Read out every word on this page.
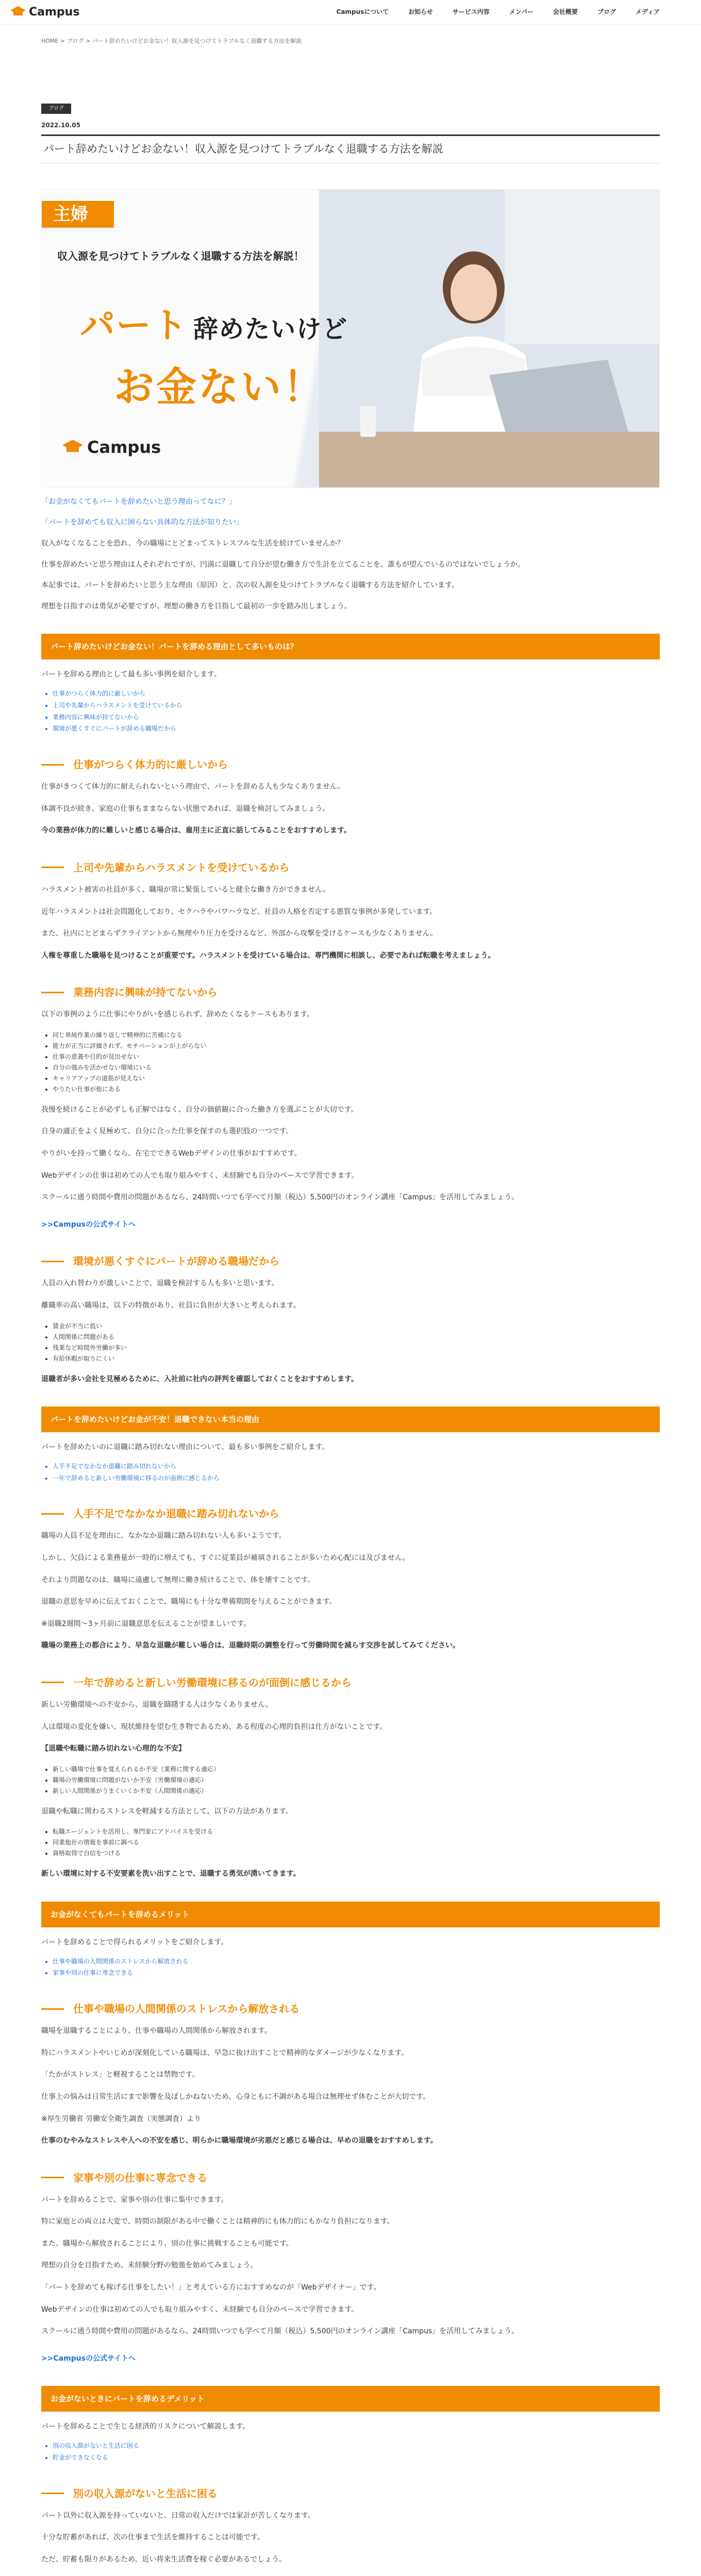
Campus	Campusについて	お知らせ	サービス内容	メンバー	会社概要	ブログ	メディア
HOME > ブログ > パート辞めたいけどお金ない！収入源を見つけてトラブルなく退職する方法を解説
ブログ
2022.10.05
パート辞めたいけどお金ない！収入源を見つけてトラブルなく退職する方法を解説
主婦
収入源を見つけてトラブルなく退職する方法を解説！
パート 辞めたいけど
お金ない！
Campus

「お金がなくてもパートを辞めたいと思う理由ってなに？」

「パートを辞めても収入に困らない具体的な方法が知りたい」

収入がなくなることを恐れ、今の職場にとどまってストレスフルな生活を続けていませんか？

仕事を辞めたいと思う理由は人それぞれですが、円満に退職して自分が望む働き方で生計を立てることを、誰もが望んでいるのではないでしょうか。

本記事では、パートを辞めたいと思う主な理由（原因）と、次の収入源を見つけてトラブルなく退職する方法を紹介しています。

理想を目指すのは勇気が必要ですが、理想の働き方を目指して最初の一歩を踏み出しましょう。

パート辞めたいけどお金ない！パートを辞める理由として多いものは？

パートを辞める理由として最も多い事例を紹介します。

• 仕事がつらく体力的に厳しいから
• 上司や先輩からハラスメントを受けているから
• 業務内容に興味が持てないから
• 環境が悪くすぐにパートが辞める職場だから
仕事がつらく体力的に厳しいから

仕事がきつくて体力的に耐えられないという理由で、パートを辞める人も少なくありません。

体調不良が続き、家庭の仕事もままならない状態であれば、退職を検討してみましょう。

今の業務が体力的に難しいと感じる場合は、雇用主に正直に話してみることをおすすめします。

上司や先輩からハラスメントを受けているから

ハラスメント被害の社員が多く、職場が常に緊張していると健全な働き方ができません。

近年ハラスメントは社会問題化しており、セクハラやパワハラなど、社員の人格を否定する悪質な事例が多発しています。

また、社内にとどまらずクライアントから無理やり圧力を受けるなど、外部から攻撃を受けるケースも少なくありません。

人権を尊重した職場を見つけることが重要です。ハラスメントを受けている場合は、専門機関に相談し、必要であれば転職を考えましょう。

業務内容に興味が持てないから

以下の事例のように仕事にやりがいを感じられず、辞めたくなるケースもあります。

• 同じ単純作業の繰り返しで精神的に苦痛になる
• 能力が正当に評価されず、モチベーションが上がらない
• 仕事の意義や目的が見出せない
• 自分の強みを活かせない環境にいる
• キャリアアップの道筋が見えない
• やりたい仕事が他にある

我慢を続けることが必ずしも正解ではなく、自分の価値観に合った働き方を選ぶことが大切です。

自身の適正をよく見極めて、自分に合った仕事を探すのも選択肢の一つです。

やりがいを持って働くなら、在宅でできるWebデザインの仕事がおすすめです。

Webデザインの仕事は初めての人でも取り組みやすく、未経験でも自分のペースで学習できます。

スクールに通う時間や費用の問題があるなら、24時間いつでも学べて月額（税込）5,500円のオンライン講座「Campus」を活用してみましょう。

>>Campusの公式サイトへ

環境が悪くすぐにパートが辞める職場だから

人員の入れ替わりが激しいことで、退職を検討する人も多いと思います。

離職率の高い職場は、以下の特徴があり、社員に負担が大きいと考えられます。

• 賃金が不当に低い
• 人間関係に問題がある
• 残業など時間外労働が多い
• 有給休暇が取りにくい

退職者が多い会社を見極めるために、入社前に社内の評判を確認しておくことをおすすめします。

パートを辞めたいけどお金が不安！退職できない本当の理由

パートを辞めたいのに退職に踏み切れない理由について、最も多い事例をご紹介します。

• 人手不足でなかなか退職に踏み切れないから
• 一年で辞めると新しい労働環境に移るのが面倒に感じるから
人手不足でなかなか退職に踏み切れないから

職場の人員不足を理由に、なかなか退職に踏み切れない人も多いようです。

しかし、欠員による業務量が一時的に増えても、すぐに従業員が補填されることが多いため心配には及びません。

それより問題なのは、職場に遠慮して無理に働き続けることで、体を壊すことです。

退職の意思を早めに伝えておくことで、職場にも十分な準備期間を与えることができます。

※退職2週間〜3ヶ月前に退職意思を伝えることが望ましいです。

職場の業務上の都合により、早急な退職が難しい場合は、退職時期の調整を行って労働時間を減らす交渉を試してみてください。

一年で辞めると新しい労働環境に移るのが面倒に感じるから

新しい労働環境への不安から、退職を躊躇する人は少なくありません。

人は環境の変化を嫌い、現状維持を望む生き物であるため、ある程度の心理的負担は仕方がないことです。

【退職や転職に踏み切れない心理的な不安】

• 新しい職場で仕事を覚えられるか不安（業務に関する適応）
• 職場の労働環境に問題がないか不安（労働環境の適応）
• 新しい人間関係がうまくいくか不安（人間関係の適応）

退職や転職に関わるストレスを軽減する方法として、以下の方法があります。

• 転職エージェントを活用し、専門家にアドバイスを受ける
• 同業他社の情報を事前に調べる
• 資格取得で自信をつける

新しい環境に対する不安要素を洗い出すことで、退職する勇気が湧いてきます。

お金がなくてもパートを辞めるメリット

パートを辞めることで得られるメリットをご紹介します。

• 仕事や職場の人間関係のストレスから解放される
• 家事や別の仕事に専念できる
仕事や職場の人間関係のストレスから解放される

職場を退職することにより、仕事や職場の人間関係から解放されます。

特にハラスメントやいじめが深刻化している職場は、早急に抜け出すことで精神的なダメージが少なくなります。

「たかがストレス」と軽視することは禁物です。

仕事上の悩みは日常生活にまで影響を及ぼしかねないため、心身ともに不調がある場合は無理せず休むことが大切です。

※厚生労働省 労働安全衛生調査（実態調査）より

仕事のむやみなストレスや人への不安を感じ、明らかに職場環境が劣悪だと感じる場合は、早めの退職をおすすめします。

家事や別の仕事に専念できる

パートを辞めることで、家事や別の仕事に集中できます。

特に家庭との両立は大変で、時間の制限がある中で働くことは精神的にも体力的にもかなり負担になります。

また、職場から解放されることにより、別の仕事に挑戦することも可能です。

理想の自分を目指すため、未経験分野の勉強を始めてみましょう。

「パートを辞めても稼げる仕事をしたい！」と考えている方におすすめなのが「Webデザイナー」です。

Webデザインの仕事は初めての人でも取り組みやすく、未経験でも自分のペースで学習できます。

スクールに通う時間や費用の問題があるなら、24時間いつでも学べて月額（税込）5,500円のオンライン講座「Campus」を活用してみましょう。

>>Campusの公式サイトへ

お金がないときにパートを辞めるデメリット

パートを辞めることで生じる経済的リスクについて解説します。

• 別の収入源がないと生活に困る
• 貯金ができなくなる
別の収入源がないと生活に困る

パート以外に収入源を持っていないと、日常の収入だけでは家計が苦しくなります。

十分な貯蓄があれば、次の仕事まで生活を維持することは可能です。

ただ、貯蓄も限りがあるため、近い将来生活費を稼ぐ必要があるでしょう。
